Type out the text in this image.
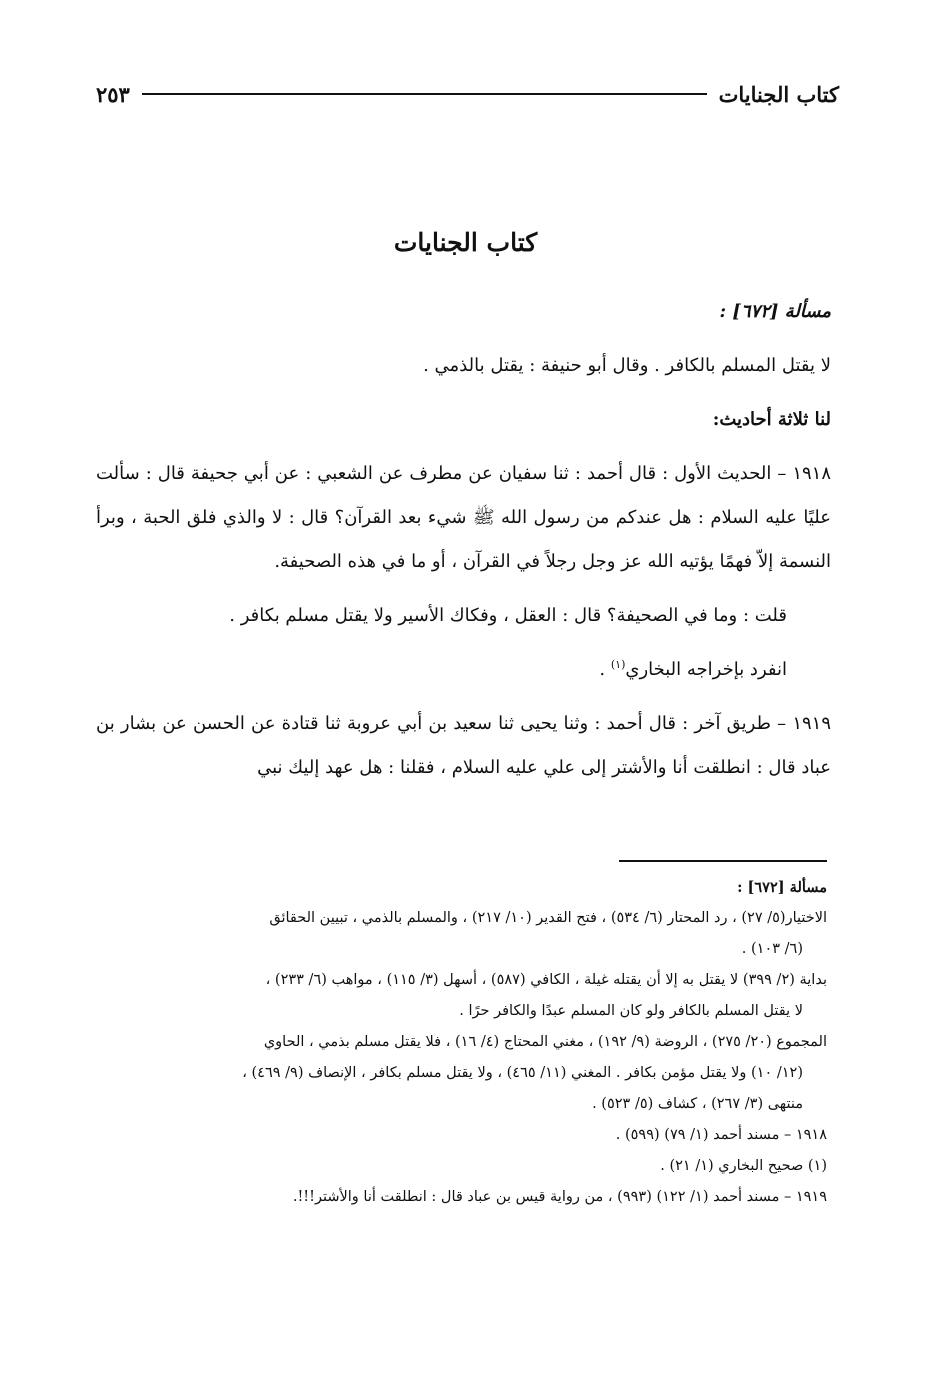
كتاب الجنايات
٢٥٣
كتاب الجنايات

مسألة [٦٧٢] :

لا يقتل المسلم بالكافر . وقال أبو حنيفة : يقتل بالذمي .

لنا ثلاثة أحاديث:

١٩١٨ – الحديث الأول : قال أحمد : ثنا سفيان عن مطرف عن الشعبي : عن أبي جحيفة قال : سألت عليًا عليه السلام : هل عندكم من رسول الله ﷺ شيء بعد القرآن؟ قال : لا والذي فلق الحبة ، وبرأ النسمة إلاّ فهمًا يؤتيه الله عز وجل رجلاً في القرآن ، أو ما في هذه الصحيفة.

قلت : وما في الصحيفة؟ قال : العقل ، وفكاك الأسير ولا يقتل مسلم بكافر .

انفرد بإخراجه البخاري$^{(١)}$ .

١٩١٩ – طريق آخر : قال أحمد : وثنا يحيى ثنا سعيد بن أبي عروبة ثنا قتادة عن الحسن عن بشار بن عباد قال : انطلقت أنا والأشتر إلى علي عليه السلام ، فقلنا : هل عهد إليك نبي

مسألة [٦٧٢] :

الاختيار(٥/ ٢٧) ، رد المحتار (٦/ ٥٣٤) ، فتح القدير (١٠/ ٢١٧) ، والمسلم بالذمي ، تبيين الحقائق

(٦/ ١٠٣) .

بداية (٢/ ٣٩٩) لا يقتل به إلا أن يقتله غيلة ، الكافي (٥٨٧) ، أسهل (٣/ ١١٥) ، مواهب (٦/ ٢٣٣) ،

لا يقتل المسلم بالكافر ولو كان المسلم عبدًا والكافر حرًا .

المجموع (٢٠/ ٢٧٥) ، الروضة (٩/ ١٩٢) ، مغني المحتاج (٤/ ١٦) ، فلا يقتل مسلم بذمي ، الحاوي

(١٢/ ١٠) ولا يقتل مؤمن بكافر . المغني (١١/ ٤٦٥) ، ولا يقتل مسلم بكافر ، الإنصاف (٩/ ٤٦٩) ،

منتهى (٣/ ٢٦٧) ، كشاف (٥/ ٥٢٣) .

١٩١٨ – مسند أحمد (١/ ٧٩) (٥٩٩) .

(١) صحيح البخاري (١/ ٢١) .

١٩١٩ – مسند أحمد (١/ ١٢٢) (٩٩٣) ، من رواية قيس بن عباد قال : انطلقت أنا والأشتر!!!.
